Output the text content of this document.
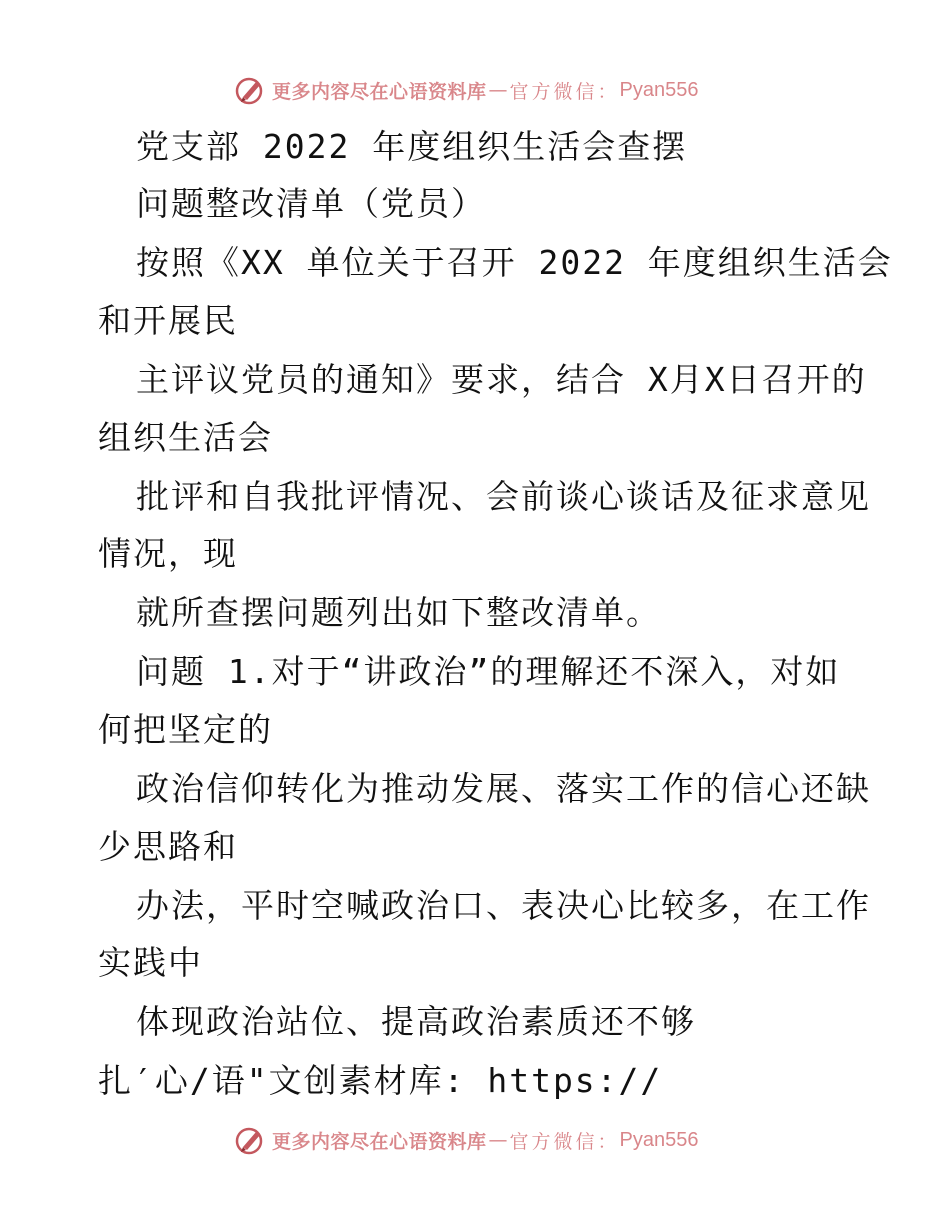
更多内容尽在心语资料库 — 官方微信： Pyan556
党支部 2022 年度组织生活会查摆
问题整改清单（党员）
按照《XX 单位关于召开 2022 年度组织生活会
和开展民
主评议党员的通知》要求，结合 X月X日召开的
组织生活会
批评和自我批评情况、会前谈心谈话及征求意见
情况，现
就所查摆问题列出如下整改清单。
问题 1.对于“讲政治”的理解还不深入，对如
何把坚定的
政治信仰转化为推动发展、落实工作的信心还缺
少思路和
办法，平时空喊政治口、表决心比较多，在工作
实践中
体现政治站位、提高政治素质还不够
扎′心/语"文创素材库: https://
更多内容尽在心语资料库 — 官方微信： Pyan556
